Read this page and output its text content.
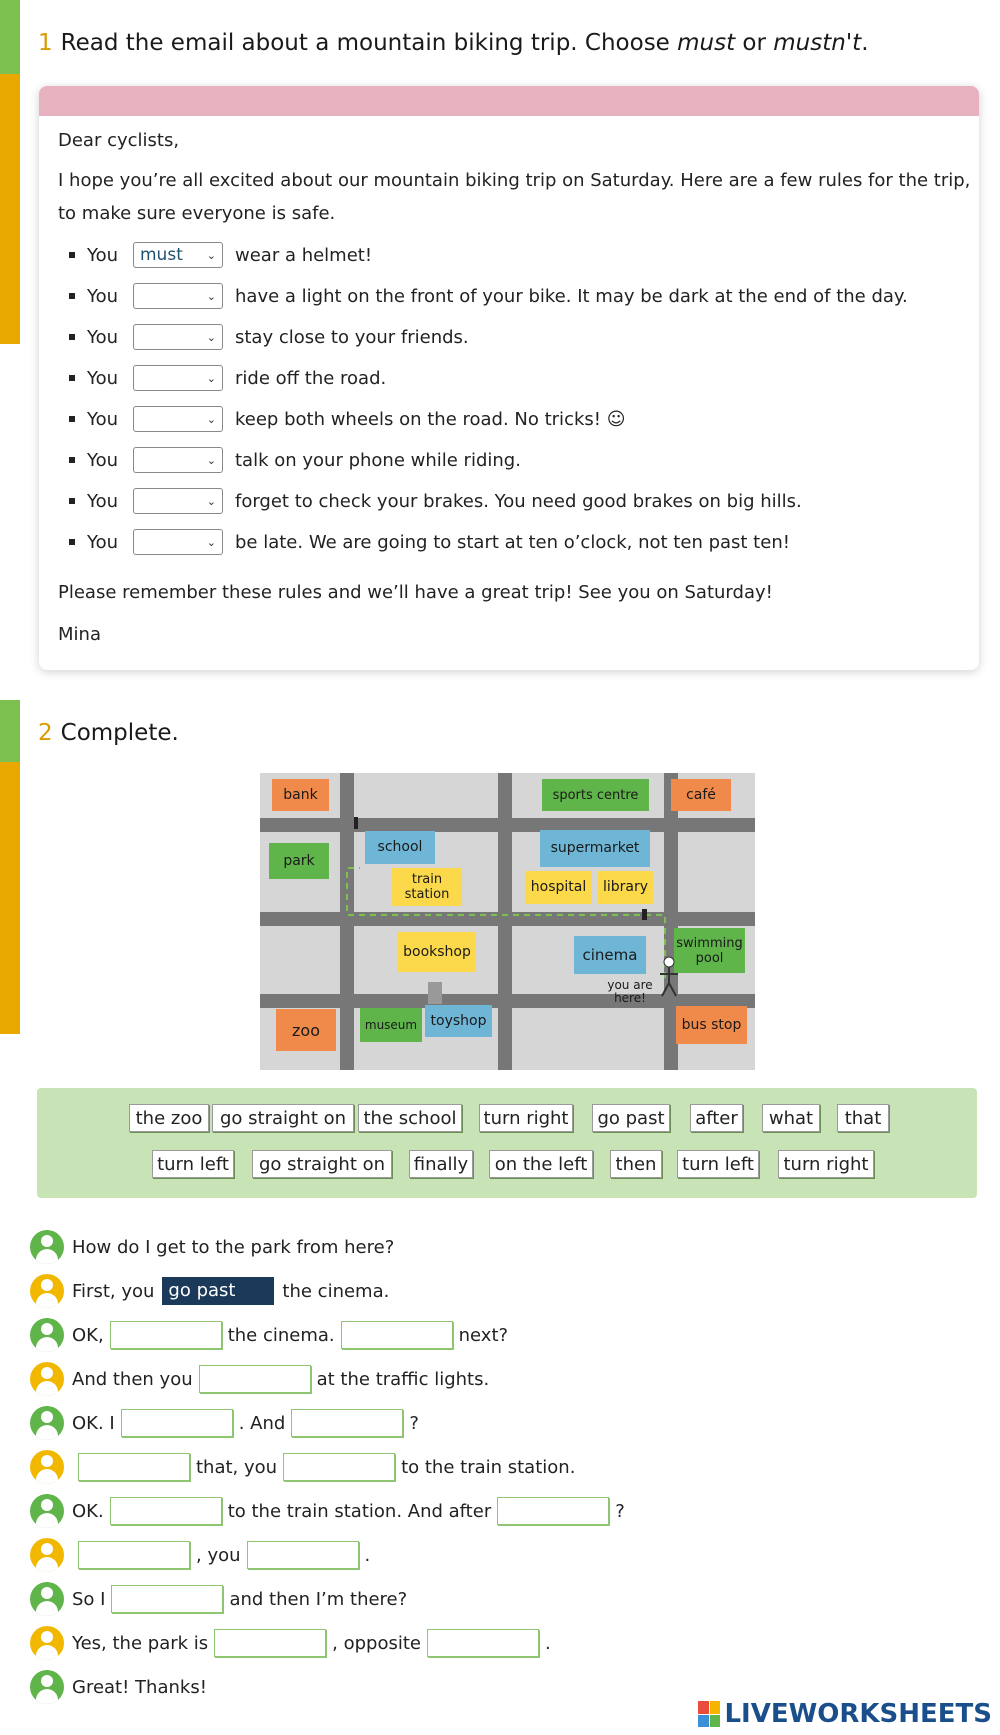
1 Read the email about a mountain biking trip. Choose must or mustn't.
Dear cyclists,
I hope you’re all excited about our mountain biking trip on Saturday. Here are a few rules for the trip,
to make sure everyone is safe.
You	must ⌄ wear a helmet!
You	⌄ have a light on the front of your bike. It may be dark at the end of the day.
You	⌄ stay close to your friends.
You	⌄ ride off the road.
You	⌄ keep both wheels on the road. No tricks! ☺
You	⌄ talk on your phone while riding.
You	⌄ forget to check your brakes. You need good brakes on big hills.
You	⌄ be late. We are going to start at ten o’clock, not ten past ten!
Please remember these rules and we’ll have a great trip! See you on Saturday!
Mina
2 Complete.
bank	sports centre	café
park
school
train
station
supermarket
hospital	library
bookshop	cinema
swimming
pool
you are
here!
zoo	museum toyshop	bus stop
the zoo go straight on the school	turn right	go past	after	what	that
turn left	go straight on	finally	on the left	then	turn left	turn right
How do I get to the park from here?
First, you go past	the cinema.
OK,	the cinema.	next?
And then you	at the traffic lights.
OK. I	. And	?
that, you	to the train station.
OK.	to the train station. And after	?
, you	.
So I	and then I’m there?
Yes, the park is	, opposite	.
Great! Thanks!
LIVEWORKSHEETS
